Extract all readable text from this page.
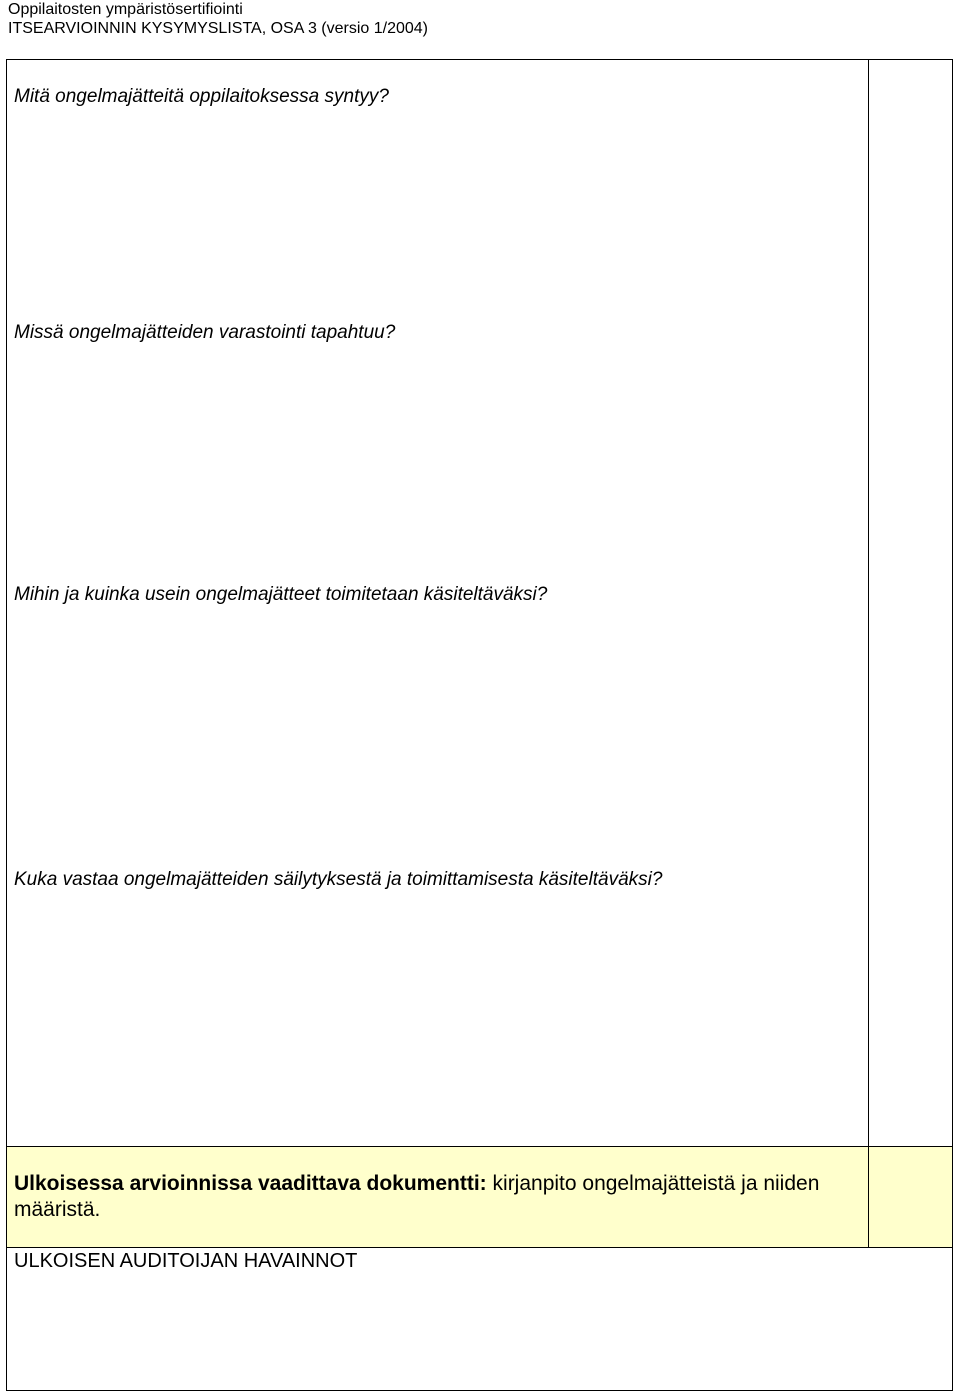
Oppilaitosten ympäristösertifiointi
ITSEARVIOINNIN KYSYMYSLISTA, OSA 3 (versio 1/2004)
Mitä ongelmajätteitä oppilaitoksessa syntyy?
Missä ongelmajätteiden varastointi tapahtuu?
Mihin ja kuinka usein ongelmajätteet toimitetaan käsiteltäväksi?
Kuka vastaa ongelmajätteiden säilytyksestä ja toimittamisesta käsiteltäväksi?
Ulkoisessa arvioinnissa vaadittava dokumentti: kirjanpito ongelmajätteistä ja niiden määristä.
ULKOISEN AUDITOIJAN HAVAINNOT
